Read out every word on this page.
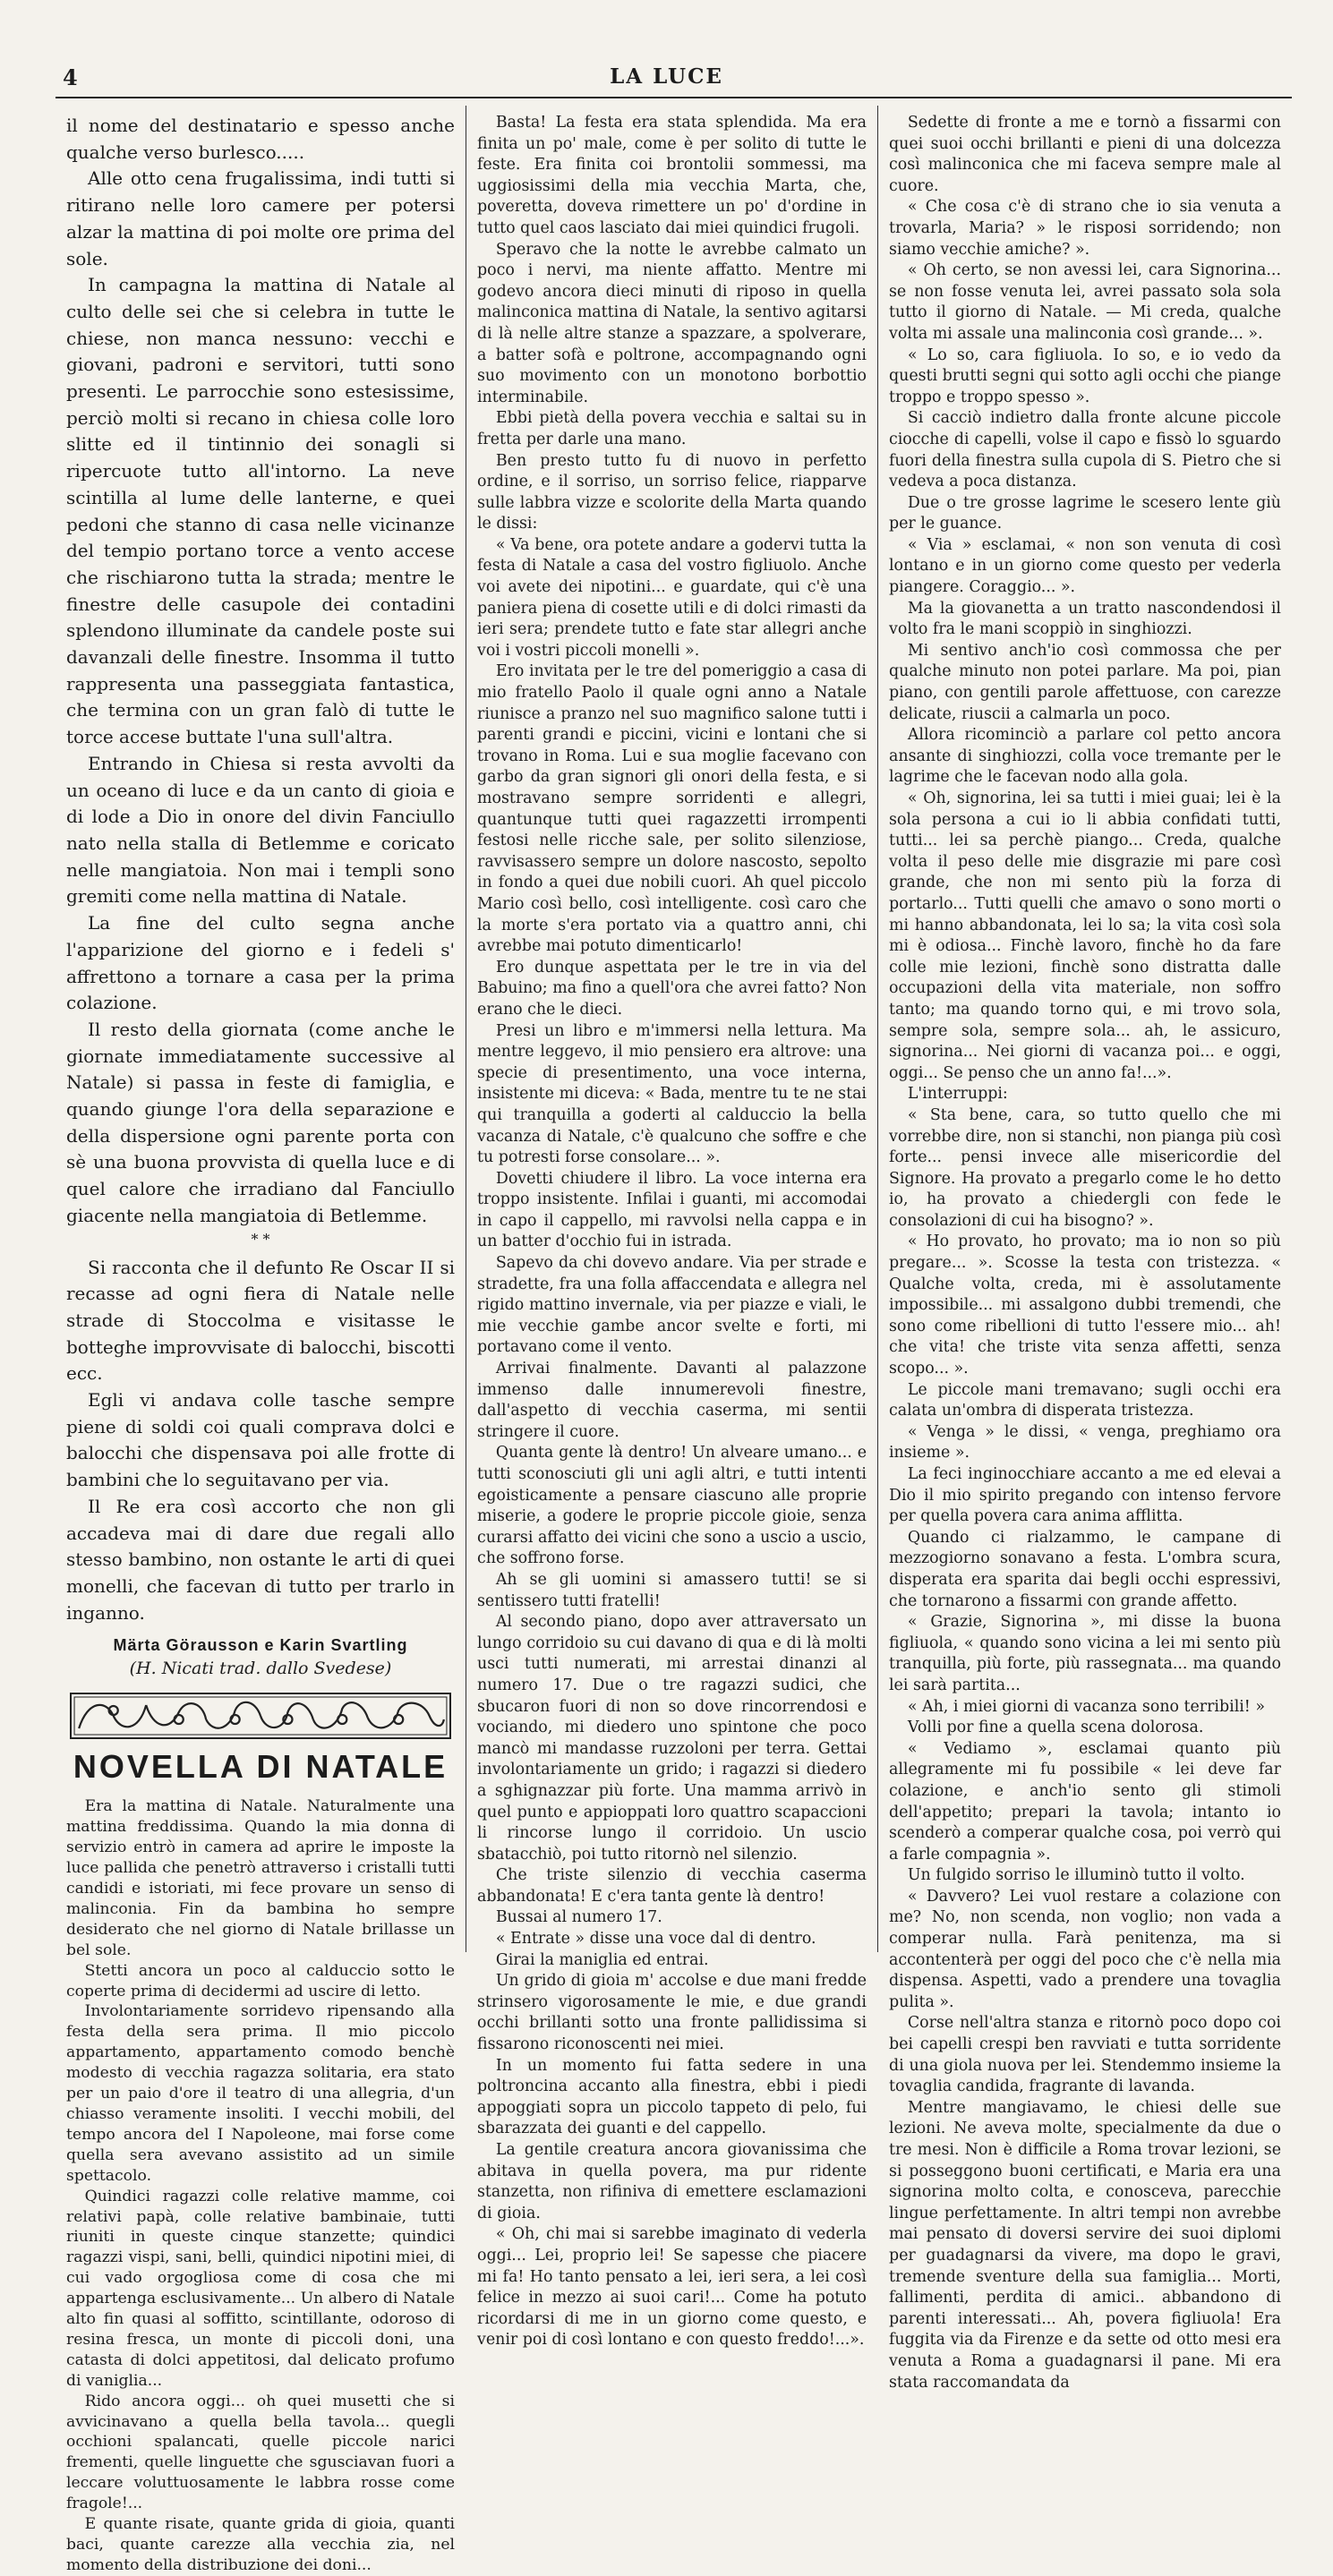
4	LA LUCE

il nome del destinatario e spesso anche qualche verso burlesco.....

Alle otto cena frugalissima, indi tutti si ritirano nelle loro camere per potersi alzar la mattina di poi molte ore prima del sole.

In campagna la mattina di Natale al culto delle sei che si celebra in tutte le chiese, non manca nessuno: vecchi e giovani, padroni e servitori, tutti sono presenti. Le parrocchie sono estesissime, perciò molti si recano in chiesa colle loro slitte ed il tintinnio dei sonagli si ripercuote tutto all'intorno. La neve scintilla al lume delle lanterne, e quei pedoni che stanno di casa nelle vicinanze del tempio portano torce a vento accese che rischiarono tutta la strada; mentre le finestre delle casupole dei contadini splendono illuminate da candele poste sui davanzali delle finestre. Insomma il tutto rappresenta una passeggiata fantastica, che termina con un gran falò di tutte le torce accese buttate l'una sull'altra.

Entrando in Chiesa si resta avvolti da un oceano di luce e da un canto di gioia e di lode a Dio in onore del divin Fanciullo nato nella stalla di Betlemme e coricato nelle mangiatoia. Non mai i templi sono gremiti come nella mattina di Natale.

La fine del culto segna anche l'apparizione del giorno e i fedeli s' affrettono a tornare a casa per la prima colazione.

Il resto della giornata (come anche le giornate immediatamente successive al Natale) si passa in feste di famiglia, e quando giunge l'ora della separazione e della dispersione ogni parente porta con sè una buona provvista di quella luce e di quel calore che irradiano dal Fanciullo giacente nella mangiatoia di Betlemme.

* *

Si racconta che il defunto Re Oscar II si recasse ad ogni fiera di Natale nelle strade di Stoccolma e visitasse le botteghe improvvisate di balocchi, biscotti ecc.

Egli vi andava colle tasche sempre piene di soldi coi quali comprava dolci e balocchi che dispensava poi alle frotte di bambini che lo seguitavano per via.

Il Re era così accorto che non gli accadeva mai di dare due regali allo stesso bambino, non ostante le arti di quei monelli, che facevan di tutto per trarlo in inganno.

Märta Görausson e Karin Svartling
(H. Nicati trad. dallo Svedese)
NOVELLA DI NATALE

Era la mattina di Natale. Naturalmente una mattina freddissima. Quando la mia donna di servizio entrò in camera ad aprire le imposte la luce pallida che penetrò attraverso i cristalli tutti candidi e istoriati, mi fece provare un senso di malinconia. Fin da bambina ho sempre desiderato che nel giorno di Natale brillasse un bel sole.

Stetti ancora un poco al calduccio sotto le coperte prima di decidermi ad uscire di letto.

Involontariamente sorridevo ripensando alla festa della sera prima. Il mio piccolo appartamento, appartamento comodo benchè modesto di vecchia ragazza solitaria, era stato per un paio d'ore il teatro di una allegria, d'un chiasso veramente insoliti. I vecchi mobili, del tempo ancora del I Napoleone, mai forse come quella sera avevano assistito ad un simile spettacolo.

Quindici ragazzi colle relative mamme, coi relativi papà, colle relative bambinaie, tutti riuniti in queste cinque stanzette; quindici ragazzi vispi, sani, belli, quindici nipotini miei, di cui vado orgogliosa come di cosa che mi appartenga esclusivamente... Un albero di Natale alto fin quasi al soffitto, scintillante, odoroso di resina fresca, un monte di piccoli doni, una catasta di dolci appetitosi, dal delicato profumo di vaniglia...

Rido ancora oggi... oh quei musetti che si avvicinavano a quella bella tavola... quegli occhioni spalancati, quelle piccole narici frementi, quelle linguette che sgusciavan fuori a leccare voluttuosamente le labbra rosse come fragole!...

E quante risate, quante grida di gioia, quanti baci, quante carezze alla vecchia zia, nel momento della distribuzione dei doni...

Basta! La festa era stata splendida. Ma era finita un po' male, come è per solito di tutte le feste. Era finita coi brontolii sommessi, ma uggiosissimi della mia vecchia Marta, che, poveretta, doveva rimettere un po' d'ordine in tutto quel caos lasciato dai miei quindici frugoli.

Speravo che la notte le avrebbe calmato un poco i nervi, ma niente affatto. Mentre mi godevo ancora dieci minuti di riposo in quella malinconica mattina di Natale, la sentivo agitarsi di là nelle altre stanze a spazzare, a spolverare, a batter sofà e poltrone, accompagnando ogni suo movimento con un monotono borbottio interminabile.

Ebbi pietà della povera vecchia e saltai su in fretta per darle una mano.

Ben presto tutto fu di nuovo in perfetto ordine, e il sorriso, un sorriso felice, riapparve sulle labbra vizze e scolorite della Marta quando le dissi:

« Va bene, ora potete andare a godervi tutta la festa di Natale a casa del vostro figliuolo. Anche voi avete dei nipotini... e guardate, qui c'è una paniera piena di cosette utili e di dolci rimasti da ieri sera; prendete tutto e fate star allegri anche voi i vostri piccoli monelli ».

Ero invitata per le tre del pomeriggio a casa di mio fratello Paolo il quale ogni anno a Natale riunisce a pranzo nel suo magnifico salone tutti i parenti grandi e piccini, vicini e lontani che si trovano in Roma. Lui e sua moglie facevano con garbo da gran signori gli onori della festa, e si mostravano sempre sorridenti e allegri, quantunque tutti quei ragazzetti irrompenti festosi nelle ricche sale, per solito silenziose, ravvisassero sempre un dolore nascosto, sepolto in fondo a quei due nobili cuori. Ah quel piccolo Mario così bello, così intelligente. così caro che la morte s'era portato via a quattro anni, chi avrebbe mai potuto dimenticarlo!

Ero dunque aspettata per le tre in via del Babuino; ma fino a quell'ora che avrei fatto? Non erano che le dieci.

Presi un libro e m'immersi nella lettura. Ma mentre leggevo, il mio pensiero era altrove: una specie di presentimento, una voce interna, insistente mi diceva: « Bada, mentre tu te ne stai qui tranquilla a goderti al calduccio la bella vacanza di Natale, c'è qualcuno che soffre e che tu potresti forse consolare... ».

Dovetti chiudere il libro. La voce interna era troppo insistente. Infilai i guanti, mi accomodai in capo il cappello, mi ravvolsi nella cappa e in un batter d'occhio fui in istrada.

Sapevo da chi dovevo andare. Via per strade e stradette, fra una folla affaccendata e allegra nel rigido mattino invernale, via per piazze e viali, le mie vecchie gambe ancor svelte e forti, mi portavano come il vento.

Arrivai finalmente. Davanti al palazzone immenso dalle innumerevoli finestre, dall'aspetto di vecchia caserma, mi sentii stringere il cuore.

Quanta gente là dentro! Un alveare umano... e tutti sconosciuti gli uni agli altri, e tutti intenti egoisticamente a pensare ciascuno alle proprie miserie, a godere le proprie piccole gioie, senza curarsi affatto dei vicini che sono a uscio a uscio, che soffrono forse.

Ah se gli uomini si amassero tutti! se si sentissero tutti fratelli!

Al secondo piano, dopo aver attraversato un lungo corridoio su cui davano di qua e di là molti usci tutti numerati, mi arrestai dinanzi al numero 17. Due o tre ragazzi sudici, che sbucaron fuori di non so dove rincorrendosi e vociando, mi diedero uno spintone che poco mancò mi mandasse ruzzoloni per terra. Gettai involontariamente un grido; i ragazzi si diedero a sghignazzar più forte. Una mamma arrivò in quel punto e appioppati loro quattro scapaccioni li rincorse lungo il corridoio. Un uscio sbatacchiò, poi tutto ritornò nel silenzio.

Che triste silenzio di vecchia caserma abbandonata! E c'era tanta gente là dentro!

Bussai al numero 17.

« Entrate » disse una voce dal di dentro.

Girai la maniglia ed entrai.

Un grido di gioia m' accolse e due mani fredde strinsero vigorosamente le mie, e due grandi occhi brillanti sotto una fronte pallidissima si fissarono riconoscenti nei miei.

In un momento fui fatta sedere in una poltroncina accanto alla finestra, ebbi i piedi appoggiati sopra un piccolo tappeto di pelo, fui sbarazzata dei guanti e del cappello.

La gentile creatura ancora giovanissima che abitava in quella povera, ma pur ridente stanzetta, non rifiniva di emettere esclamazioni di gioia.

« Oh, chi mai si sarebbe imaginato di vederla oggi... Lei, proprio lei! Se sapesse che piacere mi fa! Ho tanto pensato a lei, ieri sera, a lei così felice in mezzo ai suoi cari!... Come ha potuto ricordarsi di me in un giorno come questo, e venir poi di così lontano e con questo freddo!...».

Sedette di fronte a me e tornò a fissarmi con quei suoi occhi brillanti e pieni di una dolcezza così malinconica che mi faceva sempre male al cuore.

« Che cosa c'è di strano che io sia venuta a trovarla, Maria? » le risposi sorridendo; non siamo vecchie amiche? ».

« Oh certo, se non avessi lei, cara Signorina... se non fosse venuta lei, avrei passato sola sola tutto il giorno di Natale. — Mi creda, qualche volta mi assale una malinconia così grande... ».

« Lo so, cara figliuola. Io so, e io vedo da questi brutti segni qui sotto agli occhi che piange troppo e troppo spesso ».

Si cacciò indietro dalla fronte alcune piccole ciocche di capelli, volse il capo e fissò lo sguardo fuori della finestra sulla cupola di S. Pietro che si vedeva a poca distanza.

Due o tre grosse lagrime le scesero lente giù per le guance.

« Via » esclamai, « non son venuta di così lontano e in un giorno come questo per vederla piangere. Coraggio... ».

Ma la giovanetta a un tratto nascondendosi il volto fra le mani scoppiò in singhiozzi.

Mi sentivo anch'io così commossa che per qualche minuto non potei parlare. Ma poi, pian piano, con gentili parole affettuose, con carezze delicate, riuscii a calmarla un poco.

Allora ricominciò a parlare col petto ancora ansante di singhiozzi, colla voce tremante per le lagrime che le facevan nodo alla gola.

« Oh, signorina, lei sa tutti i miei guai; lei è la sola persona a cui io li abbia confidati tutti, tutti... lei sa perchè piango... Creda, qualche volta il peso delle mie disgrazie mi pare così grande, che non mi sento più la forza di portarlo... Tutti quelli che amavo o sono morti o mi hanno abbandonata, lei lo sa; la vita così sola mi è odiosa... Finchè lavoro, finchè ho da fare colle mie lezioni, finchè sono distratta dalle occupazioni della vita materiale, non soffro tanto; ma quando torno qui, e mi trovo sola, sempre sola, sempre sola... ah, le assicuro, signorina... Nei giorni di vacanza poi... e oggi, oggi... Se penso che un anno fa!...».

L'interruppi:

« Sta bene, cara, so tutto quello che mi vorrebbe dire, non si stanchi, non pianga più così forte... pensi invece alle misericordie del Signore. Ha provato a pregarlo come le ho detto io, ha provato a chiedergli con fede le consolazioni di cui ha bisogno? ».

« Ho provato, ho provato; ma io non so più pregare... ». Scosse la testa con tristezza. « Qualche volta, creda, mi è assolutamente impossibile... mi assalgono dubbi tremendi, che sono come ribellioni di tutto l'essere mio... ah! che vita! che triste vita senza affetti, senza scopo... ».

Le piccole mani tremavano; sugli occhi era calata un'ombra di disperata tristezza.

« Venga » le dissi, « venga, preghiamo ora insieme ».

La feci inginocchiare accanto a me ed elevai a Dio il mio spirito pregando con intenso fervore per quella povera cara anima afflitta.

Quando ci rialzammo, le campane di mezzogiorno sonavano a festa. L'ombra scura, disperata era sparita dai begli occhi espressivi, che tornarono a fissarmi con grande affetto.

« Grazie, Signorina », mi disse la buona figliuola, « quando sono vicina a lei mi sento più tranquilla, più forte, più rassegnata... ma quando lei sarà partita...

« Ah, i miei giorni di vacanza sono terribili! »

Volli por fine a quella scena dolorosa.

« Vediamo », esclamai quanto più allegramente mi fu possibile « lei deve far colazione, e anch'io sento gli stimoli dell'appetito; prepari la tavola; intanto io scenderò a comperar qualche cosa, poi verrò qui a farle compagnia ».

Un fulgido sorriso le illuminò tutto il volto.

« Davvero? Lei vuol restare a colazione con me? No, non scenda, non voglio; non vada a comperar nulla. Farà penitenza, ma si accontenterà per oggi del poco che c'è nella mia dispensa. Aspetti, vado a prendere una tovaglia pulita ».

Corse nell'altra stanza e ritornò poco dopo coi bei capelli crespi ben ravviati e tutta sorridente di una giola nuova per lei. Stendemmo insieme la tovaglia candida, fragrante di lavanda.

Mentre mangiavamo, le chiesi delle sue lezioni. Ne aveva molte, specialmente da due o tre mesi. Non è difficile a Roma trovar lezioni, se si posseggono buoni certificati, e Maria era una signorina molto colta, e conosceva, parecchie lingue perfettamente. In altri tempi non avrebbe mai pensato di doversi servire dei suoi diplomi per guadagnarsi da vivere, ma dopo le gravi, tremende sventure della sua famiglia... Morti, fallimenti, perdita di amici.. abbandono di parenti interessati... Ah, povera figliuola! Era fuggita via da Firenze e da sette od otto mesi era venuta a Roma a guadagnarsi il pane. Mi era stata raccomandata da
